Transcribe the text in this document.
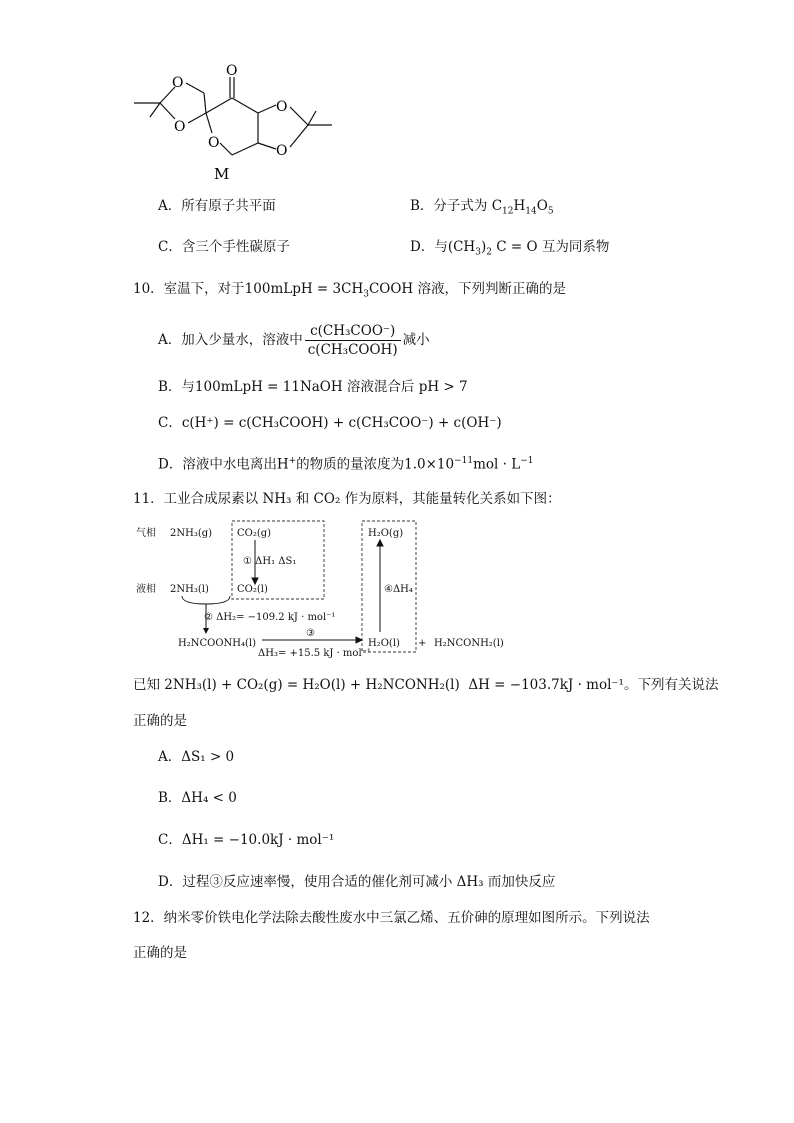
O
O
O
O
O
O
M
A．所有原子共平面	B．分子式为 $C_{12}H_{14}O_5$
C．含三个手性碳原子	D．与$(CH_3)_2$ C = O 互为同系物
10．室温下，对于100mLpH = $3CH_3COOH$ 溶液，下列判断正确的是
A．加入少量水，溶液中 $\frac{\text{c(CH₃COO⁻)}}{\text{c(CH₃COOH)}}$ 减小
B．与100mLpH = 11NaOH 溶液混合后 pH > 7
C．c(H⁺) = c(CH₃COOH) + c(CH₃COO⁻) + c(OH⁻)
D．溶液中水电离出H+的物质的量浓度为$1.0\times 10^{-11}mol \cdot L^{-1}$
11．工业合成尿素以 NH₃ 和 CO₂ 作为原料，其能量转化关系如下图：
气相 2NH₃(g) CO₂(g)
① ΔH₁ ΔS₁
液相 2NH₃(l)	CO₂(l)
② ΔH₂= −109.2 kJ · mol⁻¹
H₂NCOONH₄(l)
③
ΔH₃= +15.5 kJ · mol⁻¹
H₂O(g)
④ΔH₄
H₂O(l) + H₂NCONH₂(l)
已知 2NH₃(l) + CO₂(g) = H₂O(l) + H₂NCONH₂(l) ΔH = −103.7kJ · mol⁻¹。下列有关说法
正确的是
A．ΔS₁ > 0
B．ΔH₄ < 0
C．ΔH₁ = −10.0kJ · mol⁻¹
D．过程③反应速率慢，使用合适的催化剂可减小 ΔH₃ 而加快反应
12．纳米零价铁电化学法除去酸性废水中三氯乙烯、五价砷的原理如图所示。下列说法
正确的是
